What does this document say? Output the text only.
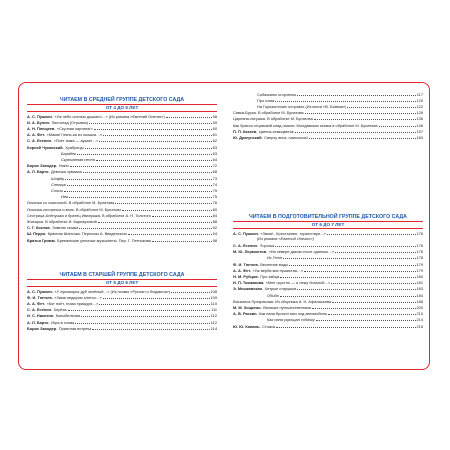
ЧИТАЕМ В СРЕДНЕЙ ГРУППЕ ДЕТСКОГО САДА
ОТ 4 ДО 5 ЛЕТ
А. С. Пушкин. «Уж небо осенью дышало…» (Из романа «Евгений Онегин»)	58
И. А. Бунин. Листопад (Отрывок)	59
А. Н. Плещеев. «Скучная картина!»	60
А. А. Фет. «Мама! Глянь-ка из окошка…»	61
С. А. Есенин. «Поёт зима — аукает…»	62
Корней Чуковский. Храбрецы	63
Барабек	63
Скрючанная песня	64
Борис Заходер. Никто	72
А. Л. Барто. Девочка чумазая	68
Шофёр	73
Снегирь	74
Стихи	75
Ива	75
Лисичка со скалочкой. В обработке М. Булатова	76
Лисичка-сестричка и волк. В обработке М. Булатова	80
Сестрица Алёнушка и братец Иванушка. В обработке А. Н. Толстого	84
Жихарка. В обработке И. Карнауховой	88
С. Г. Козлов. Зимняя сказка	92
Ш. Перро. Красная Шапочка. Пересказ А. Введенского	94
Братья Гримм. Бременские уличные музыканты. Пер. Г. Петникова	98
ЧИТАЕМ В СТАРШЕЙ ГРУППЕ ДЕТСКОГО САДА
ОТ 5 ДО 6 ЛЕТ
А. С. Пушкин. «У лукоморья дуб зелёный…» (Из поэмы «Руслан и Людмила»)	108
Ф. И. Тютчев. «Зима недаром злится…»	109
А. А. Фет. «Кот поёт, глаза прищуря…»	110
С. А. Есенин. Берёза	111
И. С. Никитин. Колыбельная	112
А. Л. Барто. Игра в слова	112
Борис Заходер. Приятная встреча	114
Собачкины огорчения	117
Про сома	120
На Горизонтских островах (Из книги «В. Бианки»)	122
Сивка-Бурка. В обработке М. Булатова	128
Царевна-лягушка. В обработке М. Булатова	136
Как братья отцовский клад нашли. Молдавская сказка в обработке М. Булатова	146
П. П. Катаев. Цветик-семицветик	157
Ю. Драгунский. Сверху вниз, наискосок!	169
ЧИТАЕМ В ПОДГОТОВИТЕЛЬНОЙ ГРУППЕ ДЕТСКОГО САДА
ОТ 6 ДО 7 ЛЕТ
А. С. Пушкин. «Зима!.. Крестьянин, торжествуя…»	176
(Из романа «Евгений Онегин»)
С. А. Есенин. Пороша	176
М. Ю. Лермонтов. «На севере диком стоит одиноко…»	176
Из Гете	178
Ф. И. Тютчев. Весенние воды	179
А. А. Фет. «Уж верба вся пушистая…»	179
Н. М. Рубцов. Про зайца	180
И. П. Токмакова. «Мне грустно — я лежу больной…»	181
Э. Мошковская. Хитрые старушки	183
Обида	184
Василиса Прекрасная. Из сборника А. Н. Афанасьева	188
М. М. Зощенко. Великие путешественники	200
А. В. Раскин. Как папа бросил мяч под автомобиль	210
Как папа укрощал собачку	214
Ю. Ю. Коваль. Стожок	218
